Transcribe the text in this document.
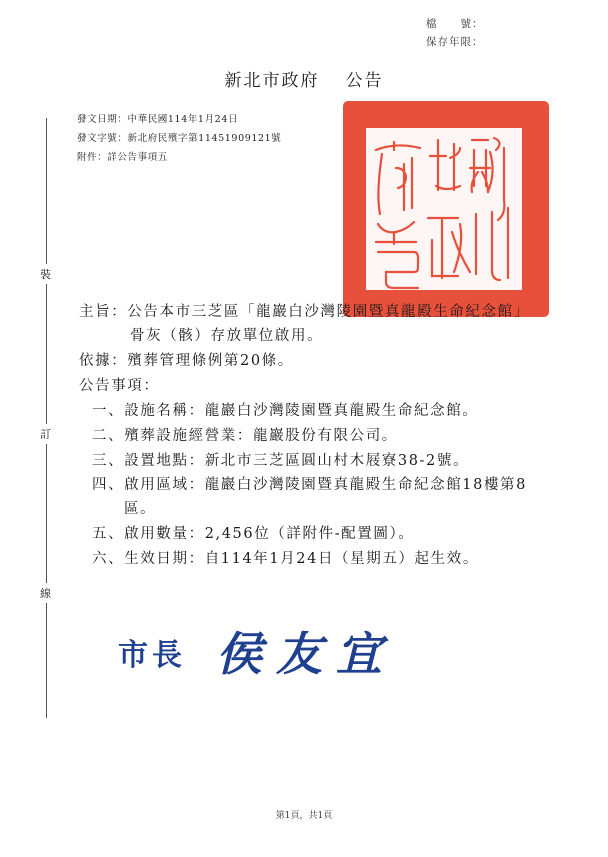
檔　　號：
保存年限：
新北市政府 公告
發文日期：中華民國114年1月24日
發文字號：新北府民殯字第11451909121號
附件：詳公告事項五
裝
訂
線
主旨：公告本市三芝區「龍巖白沙灣陵園暨真龍殿生命紀念館」
骨灰（骸）存放單位啟用。
依據：殯葬管理條例第20條。
公告事項：
一、設施名稱：龍巖白沙灣陵園暨真龍殿生命紀念館。
二、殯葬設施經營業：龍巖股份有限公司。
三、設置地點：新北市三芝區圓山村木屐寮38-2號。
四、啟用區域：龍巖白沙灣陵園暨真龍殿生命紀念館18樓第8
區。
五、啟用數量：2,456位（詳附件-配置圖）。
六、生效日期：自114年1月24日（星期五）起生效。
市長 侯友宜
第1頁，共1頁
